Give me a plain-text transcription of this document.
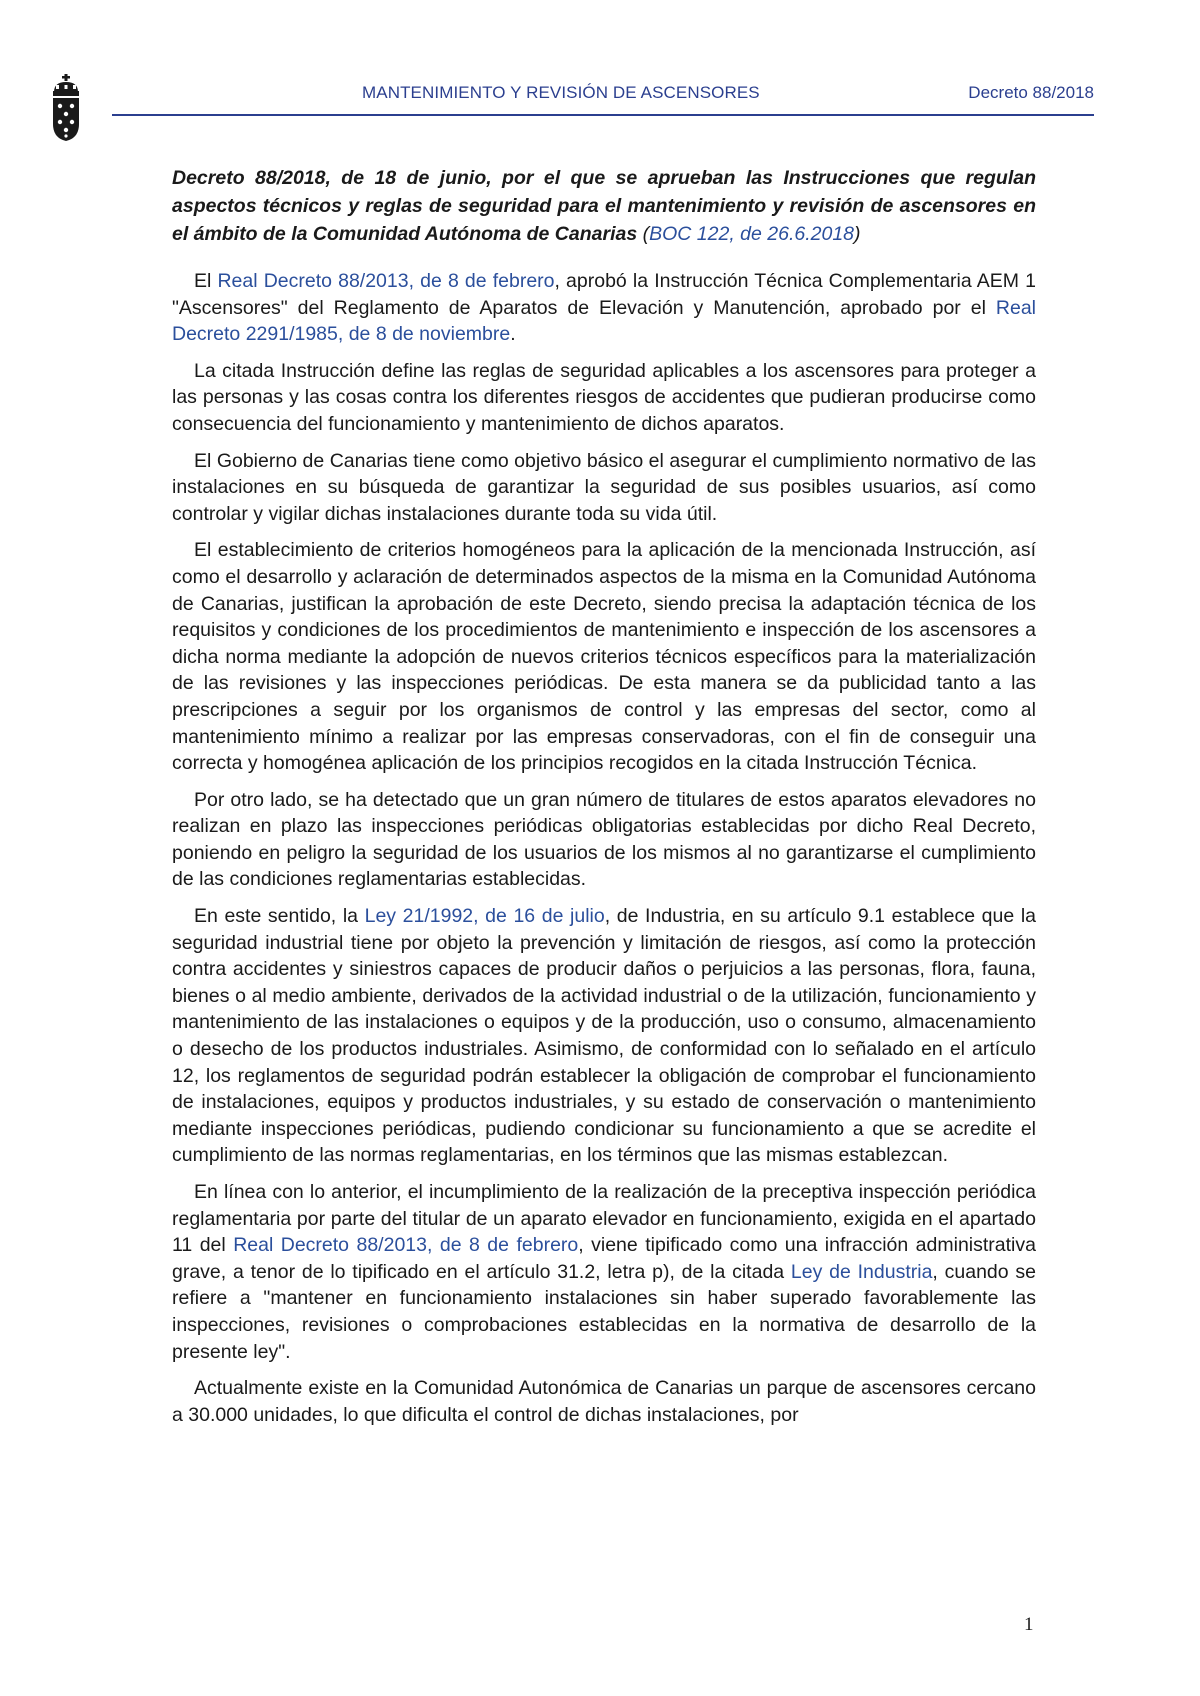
MANTENIMIENTO Y REVISIÓN DE ASCENSORES	Decreto 88/2018
Decreto 88/2018, de 18 de junio, por el que se aprueban las Instrucciones que regulan aspectos técnicos y reglas de seguridad para el mantenimiento y revisión de ascensores en el ámbito de la Comunidad Autónoma de Canarias (BOC 122, de 26.6.2018)

El Real Decreto 88/2013, de 8 de febrero, aprobó la Instrucción Técnica Complementaria AEM 1 "Ascensores" del Reglamento de Aparatos de Elevación y Manutención, aprobado por el Real Decreto 2291/1985, de 8 de noviembre.

La citada Instrucción define las reglas de seguridad aplicables a los ascensores para proteger a las personas y las cosas contra los diferentes riesgos de accidentes que pudieran producirse como consecuencia del funcionamiento y mantenimiento de dichos aparatos.

El Gobierno de Canarias tiene como objetivo básico el asegurar el cumplimiento normativo de las instalaciones en su búsqueda de garantizar la seguridad de sus posibles usuarios, así como controlar y vigilar dichas instalaciones durante toda su vida útil.

El establecimiento de criterios homogéneos para la aplicación de la mencionada Instrucción, así como el desarrollo y aclaración de determinados aspectos de la misma en la Comunidad Autónoma de Canarias, justifican la aprobación de este Decreto, siendo precisa la adaptación técnica de los requisitos y condiciones de los procedimientos de mantenimiento e inspección de los ascensores a dicha norma mediante la adopción de nuevos criterios técnicos específicos para la materialización de las revisiones y las inspecciones periódicas. De esta manera se da publicidad tanto a las prescripciones a seguir por los organismos de control y las empresas del sector, como al mantenimiento mínimo a realizar por las empresas conservadoras, con el fin de conseguir una correcta y homogénea aplicación de los principios recogidos en la citada Instrucción Técnica.

Por otro lado, se ha detectado que un gran número de titulares de estos aparatos elevadores no realizan en plazo las inspecciones periódicas obligatorias establecidas por dicho Real Decreto, poniendo en peligro la seguridad de los usuarios de los mismos al no garantizarse el cumplimiento de las condiciones reglamentarias establecidas.

En este sentido, la Ley 21/1992, de 16 de julio, de Industria, en su artículo 9.1 establece que la seguridad industrial tiene por objeto la prevención y limitación de riesgos, así como la protección contra accidentes y siniestros capaces de producir daños o perjuicios a las personas, flora, fauna, bienes o al medio ambiente, derivados de la actividad industrial o de la utilización, funcionamiento y mantenimiento de las instalaciones o equipos y de la producción, uso o consumo, almacenamiento o desecho de los productos industriales. Asimismo, de conformidad con lo señalado en el artículo 12, los reglamentos de seguridad podrán establecer la obligación de comprobar el funcionamiento de instalaciones, equipos y productos industriales, y su estado de conservación o mantenimiento mediante inspecciones periódicas, pudiendo condicionar su funcionamiento a que se acredite el cumplimiento de las normas reglamentarias, en los términos que las mismas establezcan.

En línea con lo anterior, el incumplimiento de la realización de la preceptiva inspección periódica reglamentaria por parte del titular de un aparato elevador en funcionamiento, exigida en el apartado 11 del Real Decreto 88/2013, de 8 de febrero, viene tipificado como una infracción administrativa grave, a tenor de lo tipificado en el artículo 31.2, letra p), de la citada Ley de Industria, cuando se refiere a "mantener en funcionamiento instalaciones sin haber superado favorablemente las inspecciones, revisiones o comprobaciones establecidas en la normativa de desarrollo de la presente ley".

Actualmente existe en la Comunidad Autonómica de Canarias un parque de ascensores cercano a 30.000 unidades, lo que dificulta el control de dichas instalaciones, por

1
